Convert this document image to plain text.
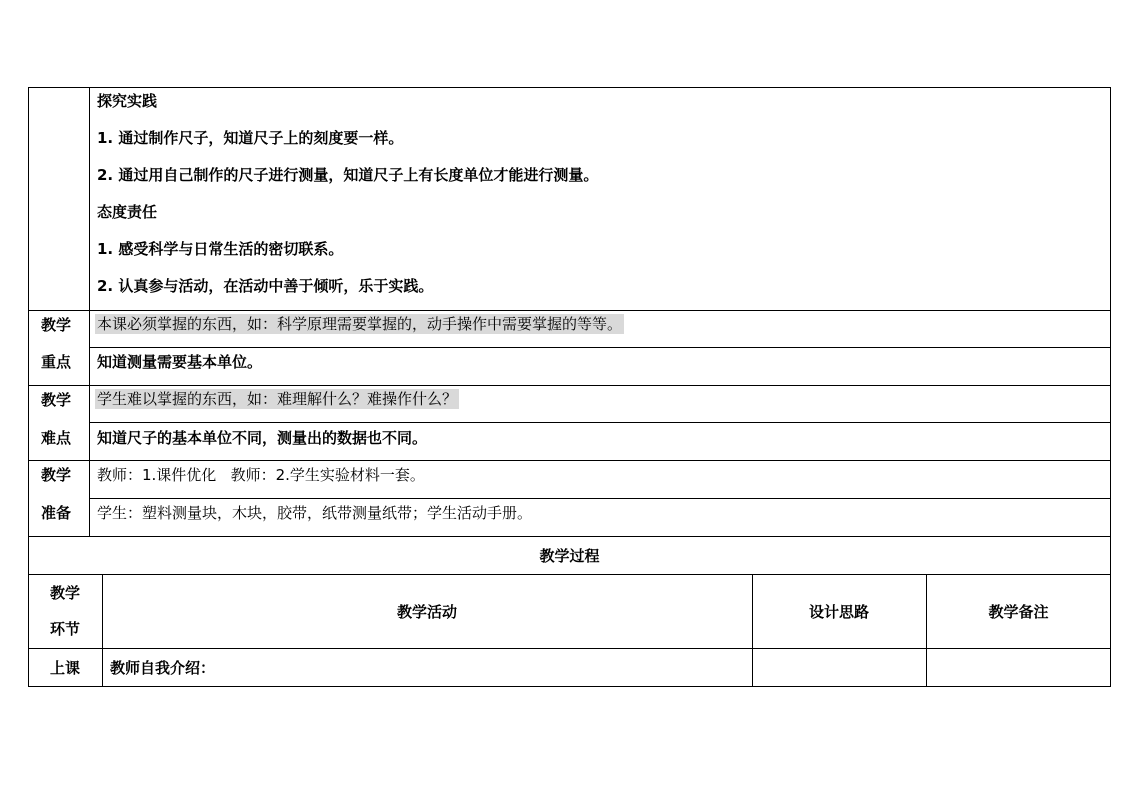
探究实践
1. 通过制作尺子，知道尺子上的刻度要一样。
2. 通过用自己制作的尺子进行测量，知道尺子上有长度单位才能进行测量。
态度责任
1. 感受科学与日常生活的密切联系。
2. 认真参与活动，在活动中善于倾听，乐于实践。
教学
重点
本课必须掌握的东西，如：科学原理需要掌握的，动手操作中需要掌握的等等。
知道测量需要基本单位。
教学
难点
学生难以掌握的东西，如：难理解什么？难操作什么？
知道尺子的基本单位不同，测量出的数据也不同。
教学
准备
教师：1.课件优化   教师：2.学生实验材料一套。
学生：塑料测量块，木块，胶带，纸带测量纸带；学生活动手册。
教学过程
教学
环节
教学活动	设计思路	教学备注
上课 教师自我介绍：
